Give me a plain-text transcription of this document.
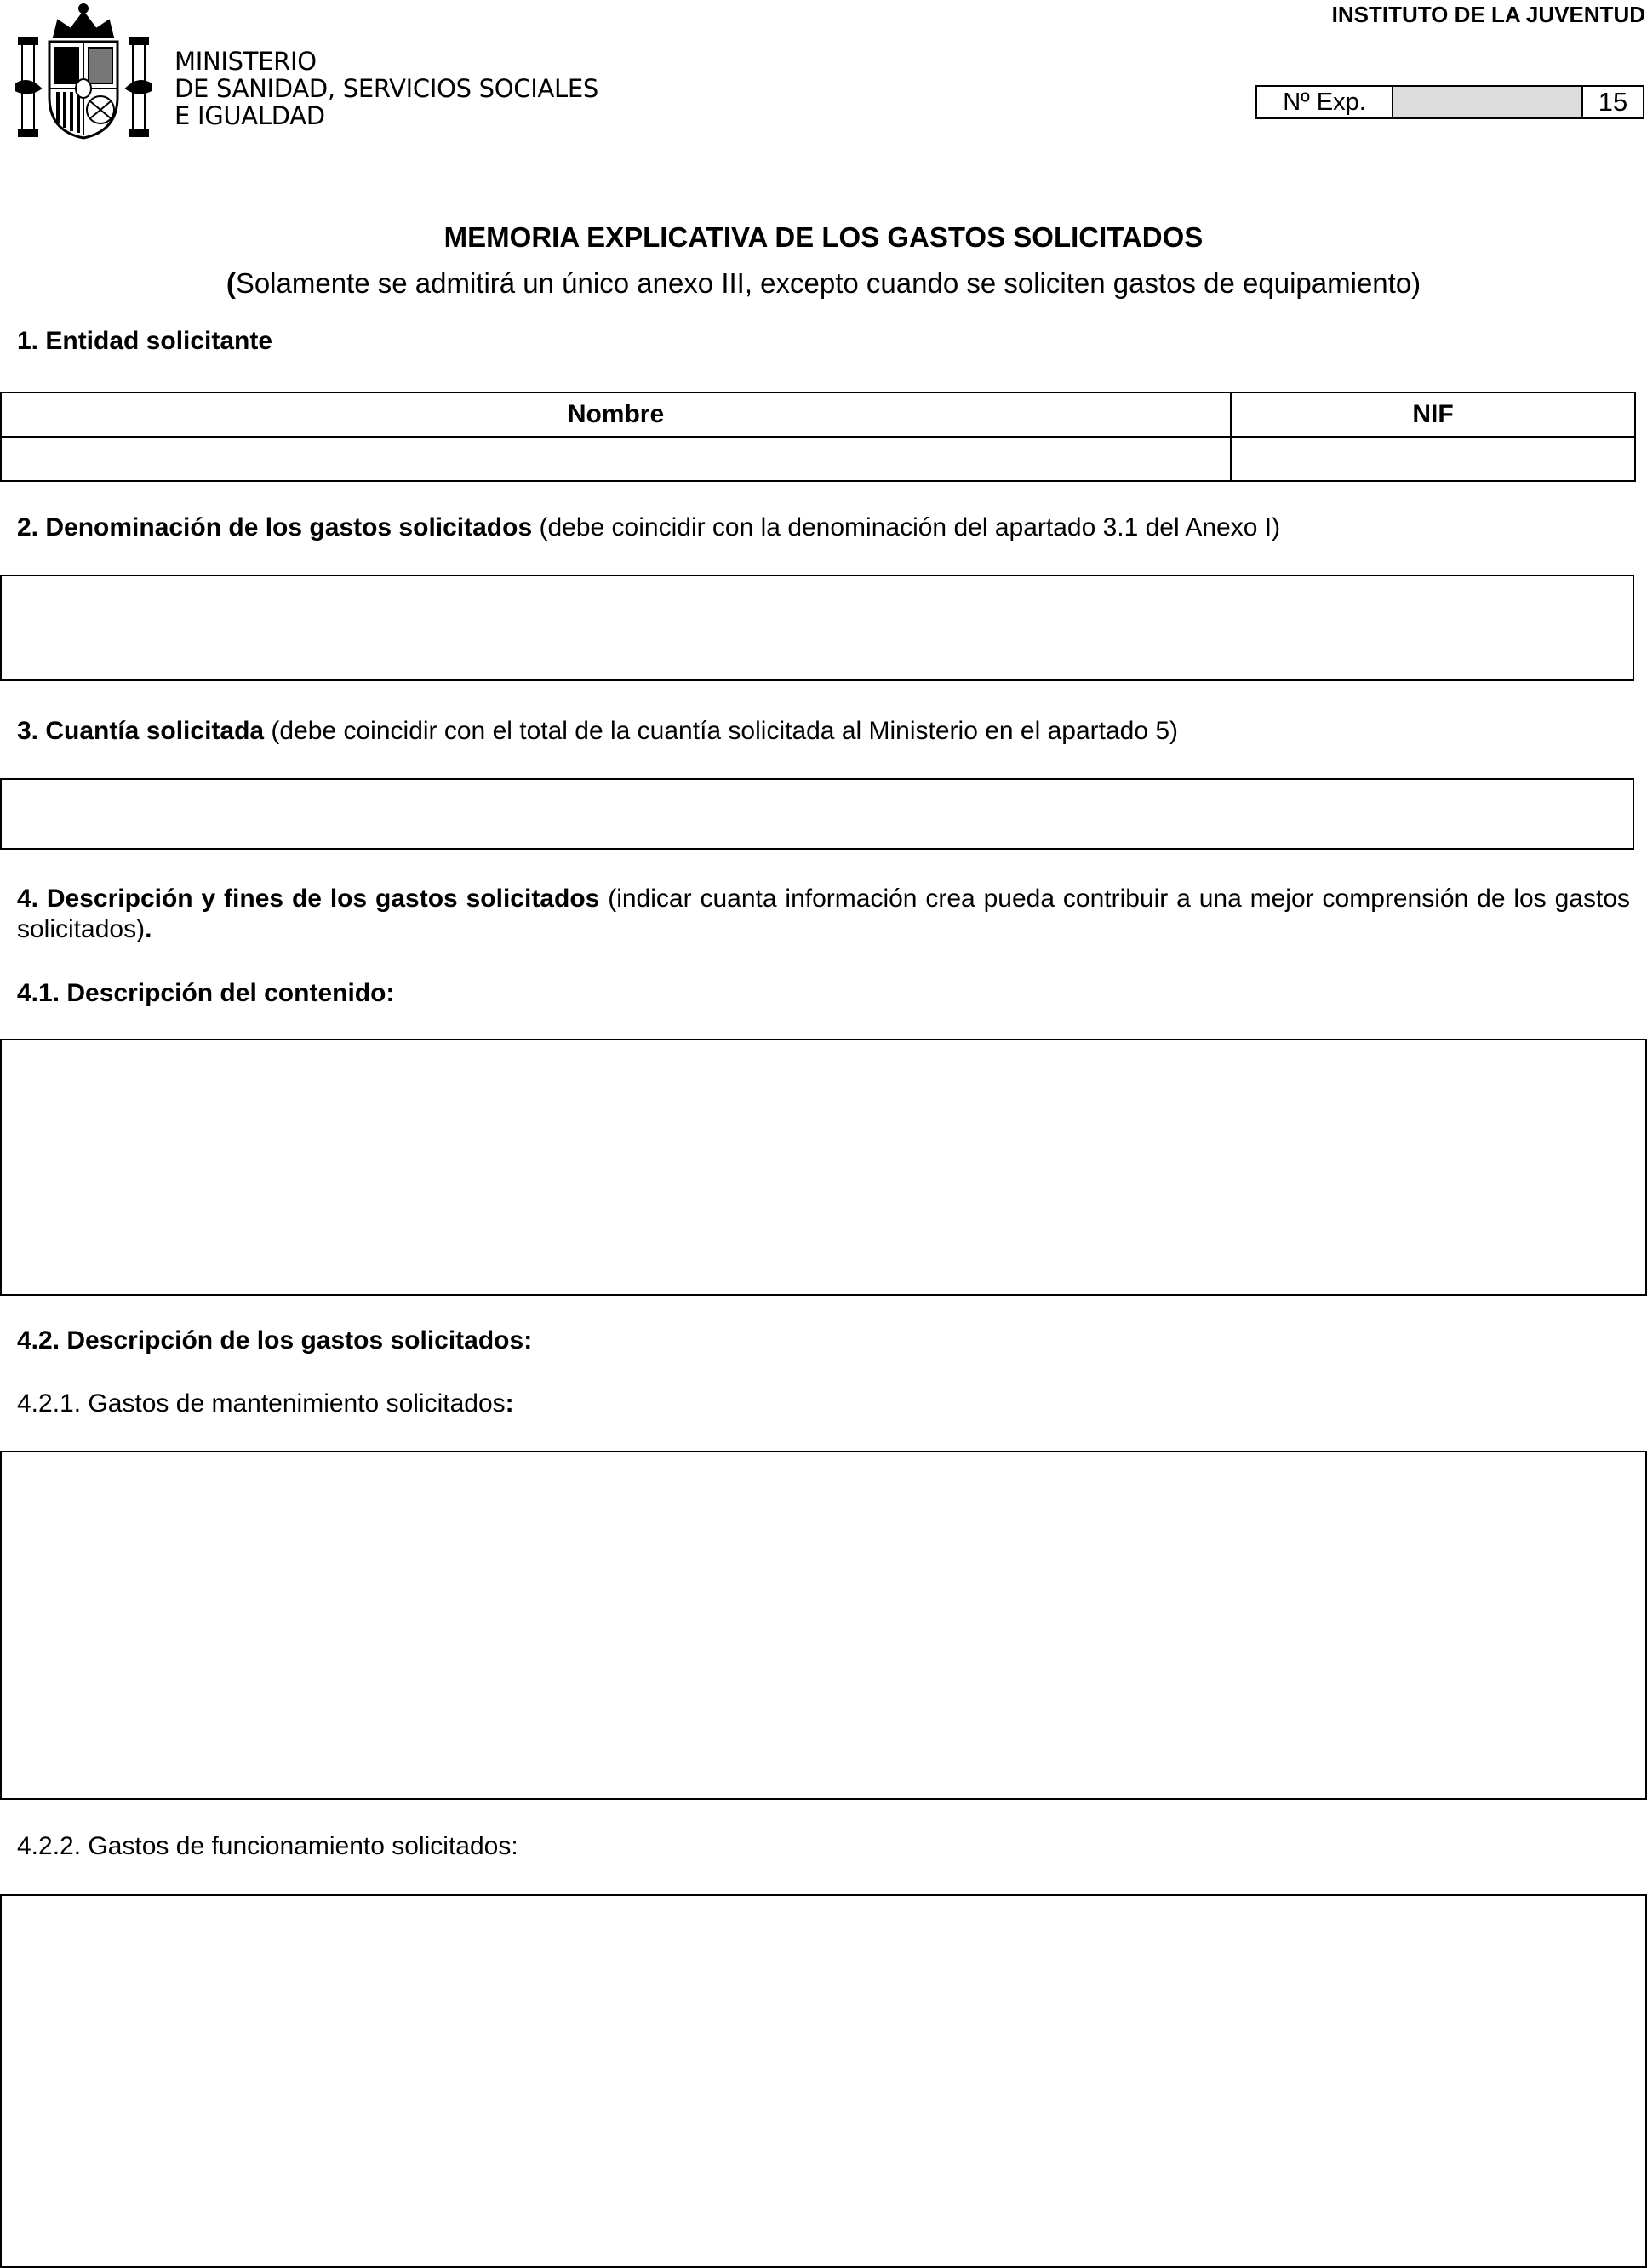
MINISTERIO
DE SANIDAD, SERVICIOS SOCIALES
E IGUALDAD
INSTITUTO DE LA JUVENTUD
Nº Exp.	15
MEMORIA EXPLICATIVA DE LOS GASTOS SOLICITADOS
(Solamente se admitirá un único anexo III, excepto cuando se soliciten gastos de equipamiento)
1. Entidad solicitante
Nombre	NIF

2. Denominación de los gastos solicitados (debe coincidir con la denominación del apartado 3.1 del Anexo I)
3. Cuantía solicitada (debe coincidir con el total de la cuantía solicitada al Ministerio en el apartado 5)
4. Descripción y fines de los gastos solicitados (indicar cuanta información crea pueda contribuir a una mejor comprensión de los gastos solicitados).
4.1. Descripción del contenido:
4.2. Descripción de los gastos solicitados:
4.2.1. Gastos de mantenimiento solicitados:
4.2.2. Gastos de funcionamiento solicitados:
